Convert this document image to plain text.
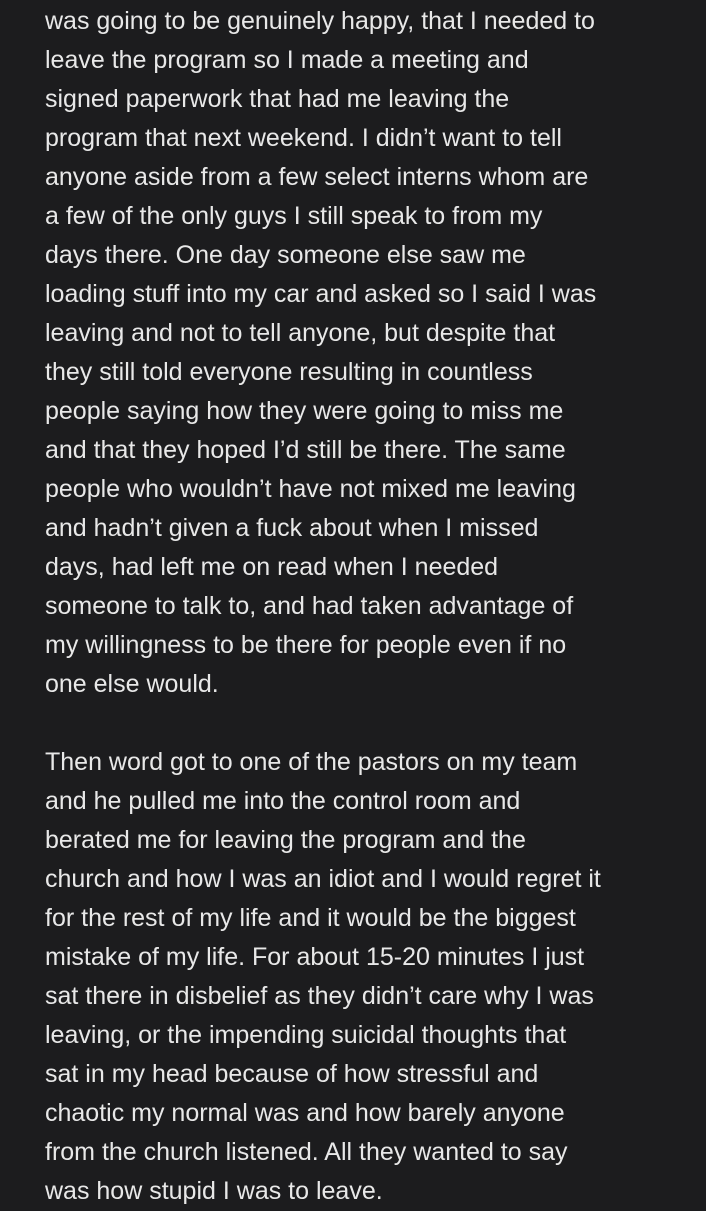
was going to be genuinely happy, that I needed to
leave the program so I made a meeting and
signed paperwork that had me leaving the
program that next weekend. I didn’t want to tell
anyone aside from a few select interns whom are
a few of the only guys I still speak to from my
days there. One day someone else saw me
loading stuff into my car and asked so I said I was
leaving and not to tell anyone, but despite that
they still told everyone resulting in countless
people saying how they were going to miss me
and that they hoped I’d still be there. The same
people who wouldn’t have not mixed me leaving
and hadn’t given a fuck about when I missed
days, had left me on read when I needed
someone to talk to, and had taken advantage of
my willingness to be there for people even if no
one else would.
Then word got to one of the pastors on my team
and he pulled me into the control room and
berated me for leaving the program and the
church and how I was an idiot and I would regret it
for the rest of my life and it would be the biggest
mistake of my life. For about 15-20 minutes I just
sat there in disbelief as they didn’t care why I was
leaving, or the impending suicidal thoughts that
sat in my head because of how stressful and
chaotic my normal was and how barely anyone
from the church listened. All they wanted to say
was how stupid I was to leave.
